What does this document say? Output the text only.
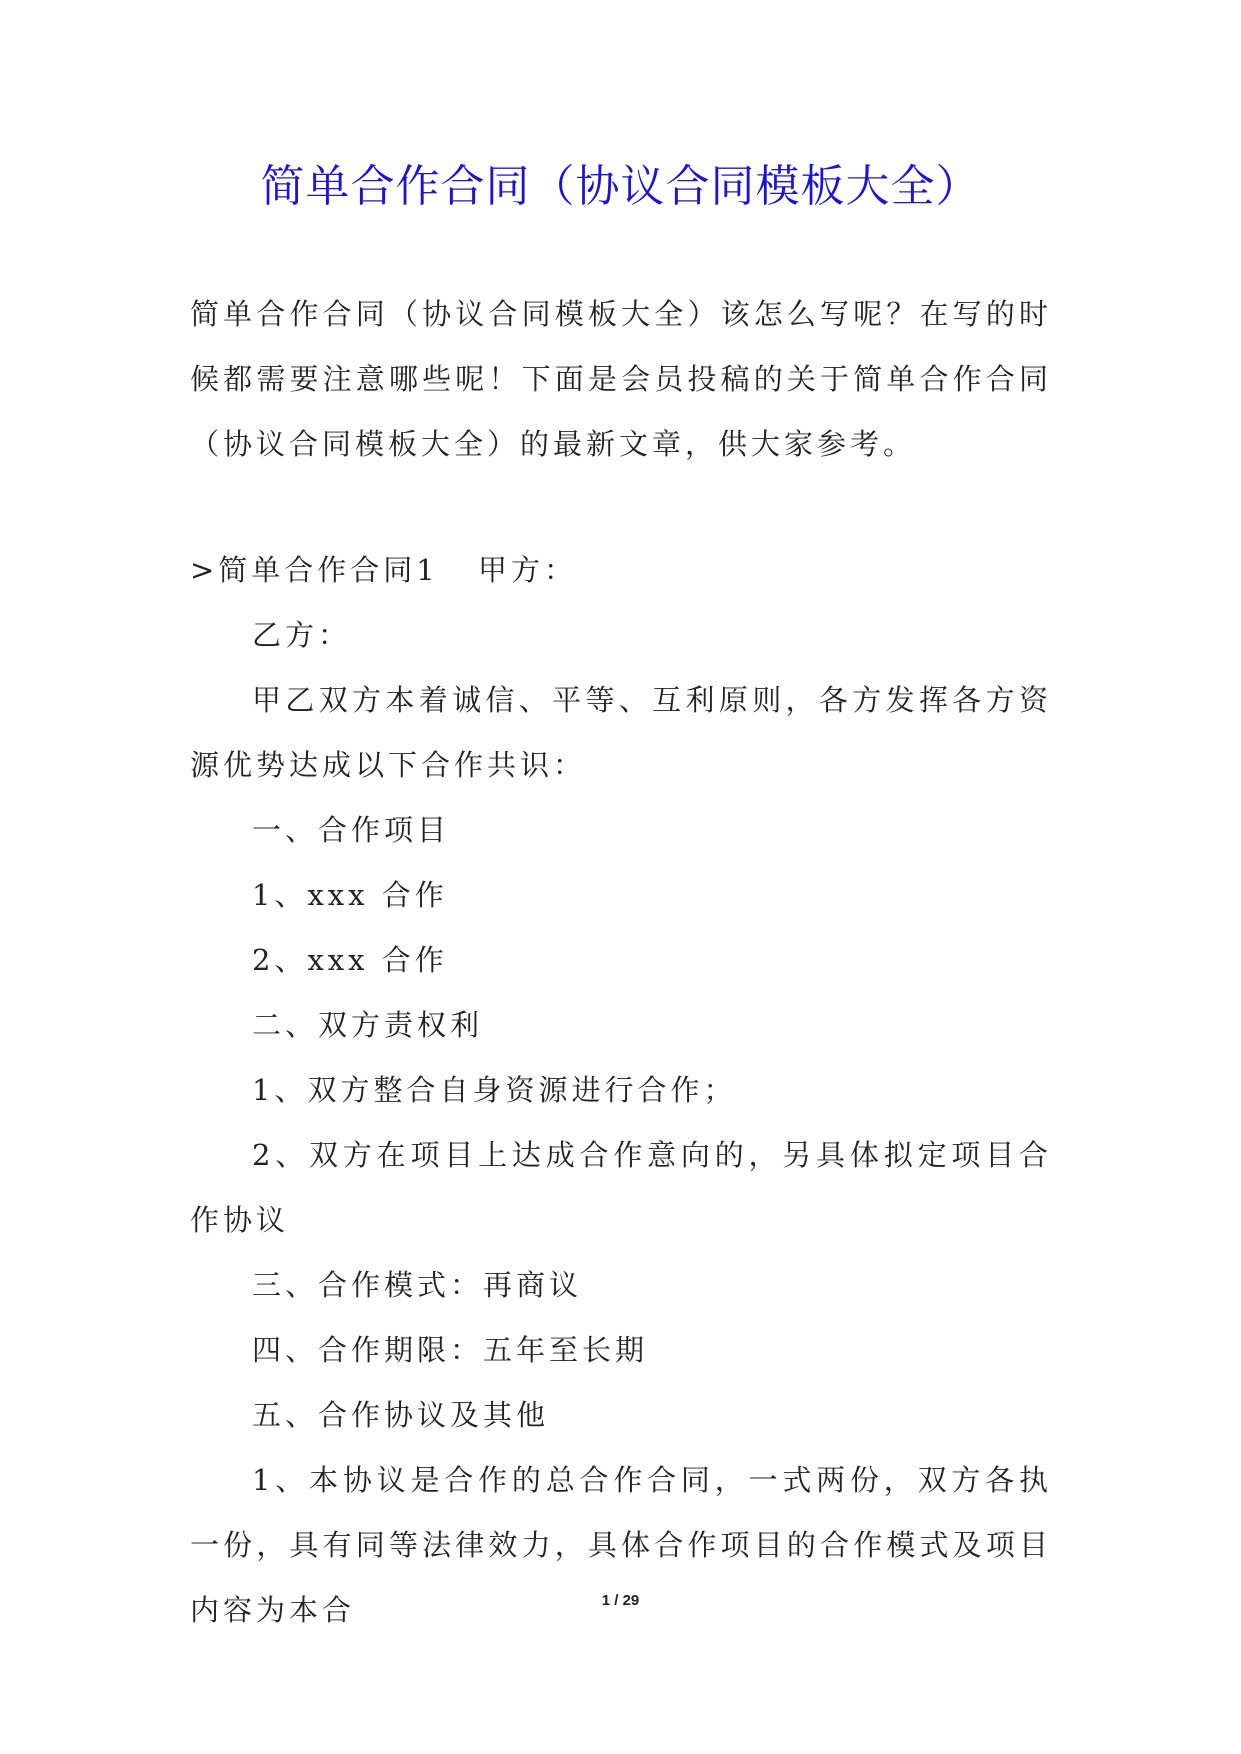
简单合作合同（协议合同模板大全）

简单合作合同（协议合同模板大全）该怎么写呢？在写的时候都需要注意哪些呢！下面是会员投稿的关于简单合作合同（协议合同模板大全）的最新文章，供大家参考。

>简单合作合同1 甲方：

乙方：

甲乙双方本着诚信、平等、互利原则，各方发挥各方资源优势达成以下合作共识：

一、合作项目

1、xxx 合作

2、xxx 合作

二、双方责权利

1、双方整合自身资源进行合作；

2、双方在项目上达成合作意向的，另具体拟定项目合作协议

三、合作模式：再商议

四、合作期限：五年至长期

五、合作协议及其他

1、本协议是合作的总合作合同，一式两份，双方各执一份，具有同等法律效力，具体合作项目的合作模式及项目内容为本合	1 / 29
